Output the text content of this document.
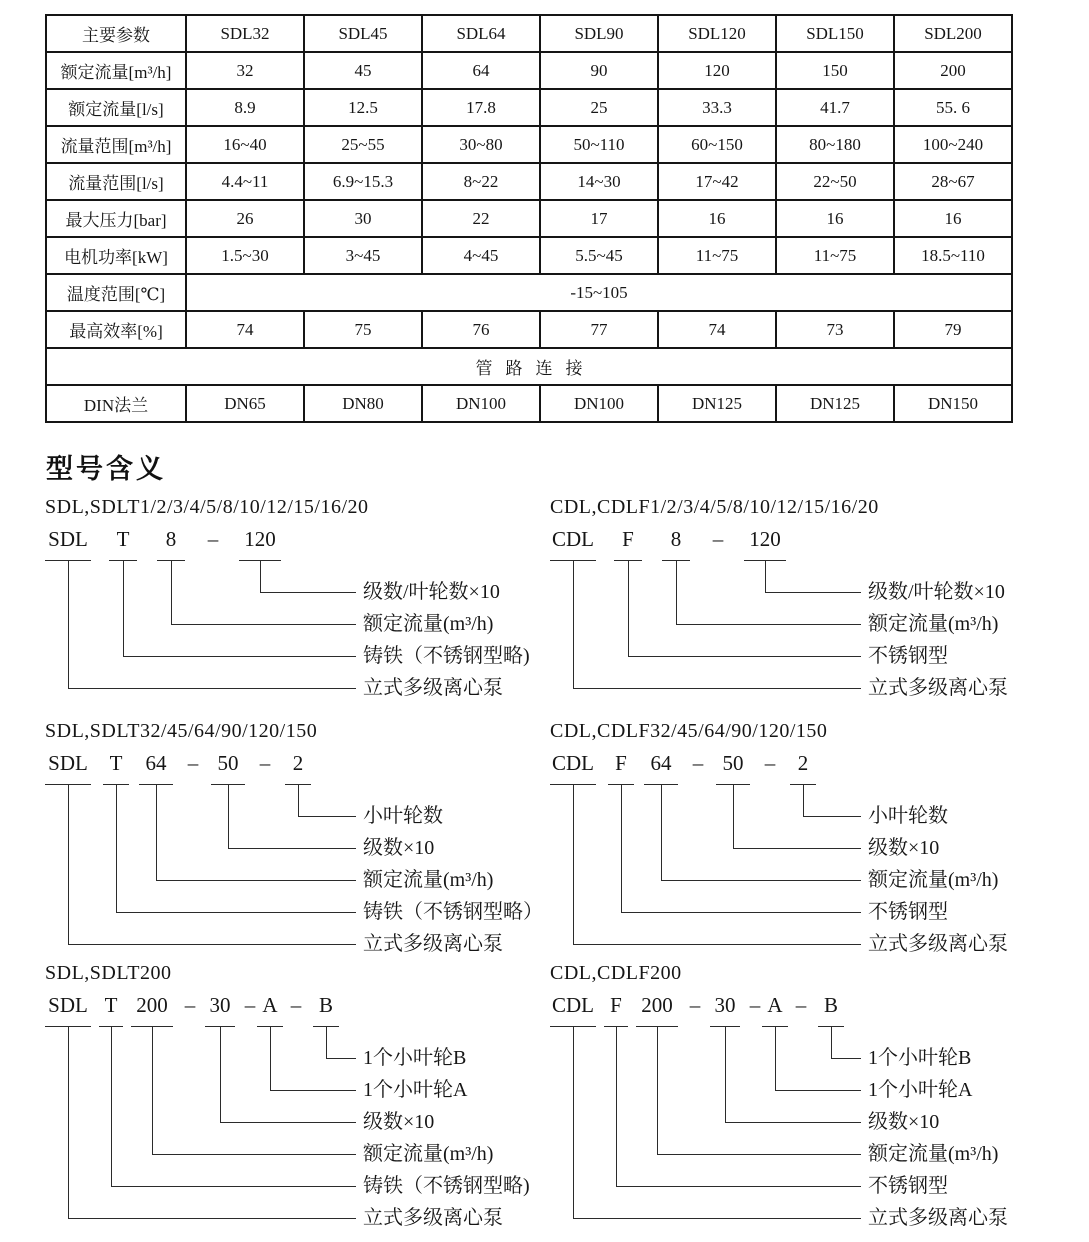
主要参数	SDL32	SDL45	SDL64	SDL90	SDL120	SDL150	SDL200
额定流量[m³/h]	32	45	64	90	120	150	200
额定流量[l/s]	8.9	12.5	17.8	25	33.3	41.7	55. 6
流量范围[m³/h]	16~40	25~55	30~80	50~110	60~150	80~180	100~240
流量范围[l/s]	4.4~11	6.9~15.3	8~22	14~30	17~42	22~50	28~67
最大压力[bar]	26	30	22	17	16	16	16
电机功率[kW]	1.5~30	3~45	4~45	5.5~45	11~75	11~75	18.5~110
温度范围[℃]	-15~105						
最高效率[%]	74	75	76	77	74	73	79
管路连接							
DIN法兰	DN65	DN80	DN100	DN100	DN125	DN125	DN150
型号含义
SDL,SDLT1/2/3/4/5/8/10/12/15/16/20
SDL	T	8	–	120
级数/叶轮数×10
额定流量(m³/h)
铸铁（不锈钢型略)
立式多级离心泵
CDL,CDLF1/2/3/4/5/8/10/12/15/16/20
CDL	F	8	–	120
级数/叶轮数×10
额定流量(m³/h)
不锈钢型
立式多级离心泵
SDL,SDLT32/45/64/90/120/150
SDL	T	64	– 50	–	2
小叶轮数
级数×10
额定流量(m³/h)
铸铁（不锈钢型略）
立式多级离心泵
CDL,CDLF32/45/64/90/120/150
CDL	F	64	– 50	–	2
小叶轮数
级数×10
额定流量(m³/h)
不锈钢型
立式多级离心泵
SDL,SDLT200
SDL T 200 – 30 – A – B
1个小叶轮B
1个小叶轮A
级数×10
额定流量(m³/h)
铸铁（不锈钢型略)
立式多级离心泵
CDL,CDLF200
CDL F 200 – 30 – A – B
1个小叶轮B
1个小叶轮A
级数×10
额定流量(m³/h)
不锈钢型
立式多级离心泵
